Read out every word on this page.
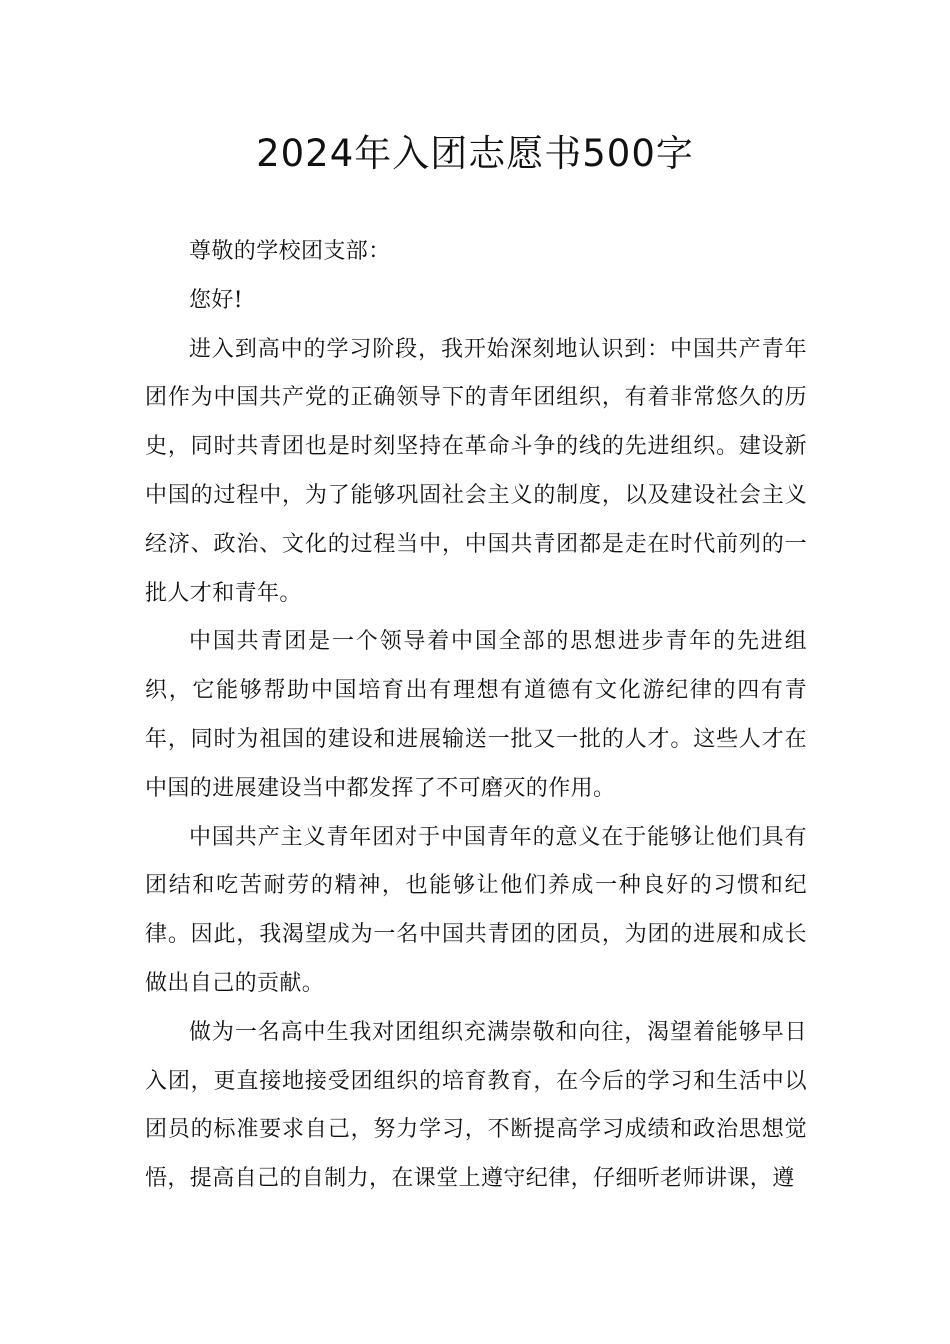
2024年入团志愿书500字

尊敬的学校团支部：

您好!

进入到高中的学习阶段，我开始深刻地认识到：中国共产青年团作为中国共产党的正确领导下的青年团组织，有着非常悠久的历史，同时共青团也是时刻坚持在革命斗争的线的先进组织。建设新中国的过程中，为了能够巩固社会主义的制度，以及建设社会主义经济、政治、文化的过程当中，中国共青团都是走在时代前列的一批人才和青年。

中国共青团是一个领导着中国全部的思想进步青年的先进组织，它能够帮助中国培育出有理想有道德有文化游纪律的四有青年，同时为祖国的建设和进展输送一批又一批的人才。这些人才在中国的进展建设当中都发挥了不可磨灭的作用。

中国共产主义青年团对于中国青年的意义在于能够让他们具有团结和吃苦耐劳的精神，也能够让他们养成一种良好的习惯和纪律。因此，我渴望成为一名中国共青团的团员，为团的进展和成长做出自己的贡献。

做为一名高中生我对团组织充满崇敬和向往，渴望着能够早日入团，更直接地接受团组织的培育教育，在今后的学习和生活中以团员的标准要求自己，努力学习，不断提高学习成绩和政治思想觉悟，提高自己的自制力，在课堂上遵守纪律，仔细听老师讲课，遵
